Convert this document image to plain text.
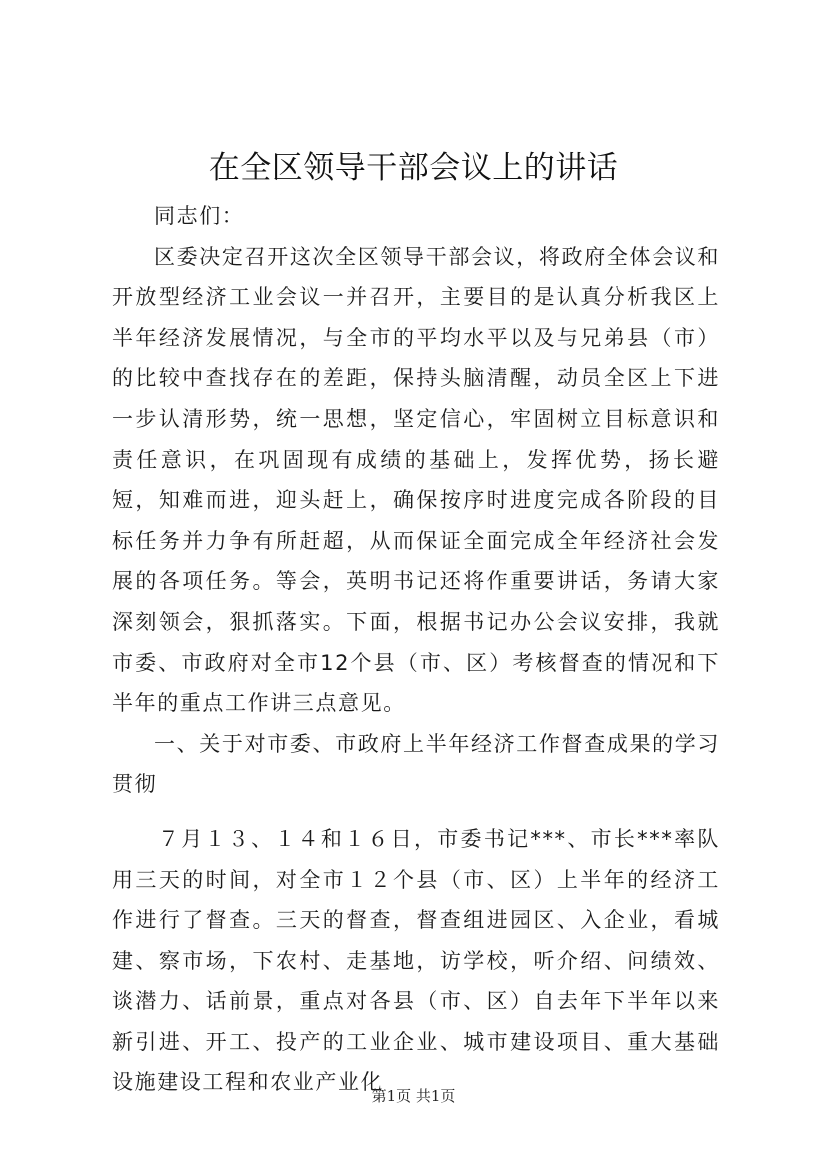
在全区领导干部会议上的讲话

同志们：

区委决定召开这次全区领导干部会议，将政府全体会议和开放型经济工业会议一并召开，主要目的是认真分析我区上半年经济发展情况，与全市的平均水平以及与兄弟县（市）的比较中查找存在的差距，保持头脑清醒，动员全区上下进一步认清形势，统一思想，坚定信心，牢固树立目标意识和责任意识，在巩固现有成绩的基础上，发挥优势，扬长避短，知难而进，迎头赶上，确保按序时进度完成各阶段的目标任务并力争有所赶超，从而保证全面完成全年经济社会发展的各项任务。等会，英明书记还将作重要讲话，务请大家深刻领会，狠抓落实。下面，根据书记办公会议安排，我就市委、市政府对全市12个县（市、区）考核督查的情况和下半年的重点工作讲三点意见。

一、关于对市委、市政府上半年经济工作督查成果的学习贯彻

７月１３、１４和１６日，市委书记***、市长***率队用三天的时间，对全市１２个县（市、区）上半年的经济工作进行了督查。三天的督查，督查组进园区、入企业，看城建、察市场，下农村、走基地，访学校，听介绍、问绩效、谈潜力、话前景，重点对各县（市、区）自去年下半年以来新引进、开工、投产的工业企业、城市建设项目、重大基础设施建设工程和农业产业化

第1页 共1页
